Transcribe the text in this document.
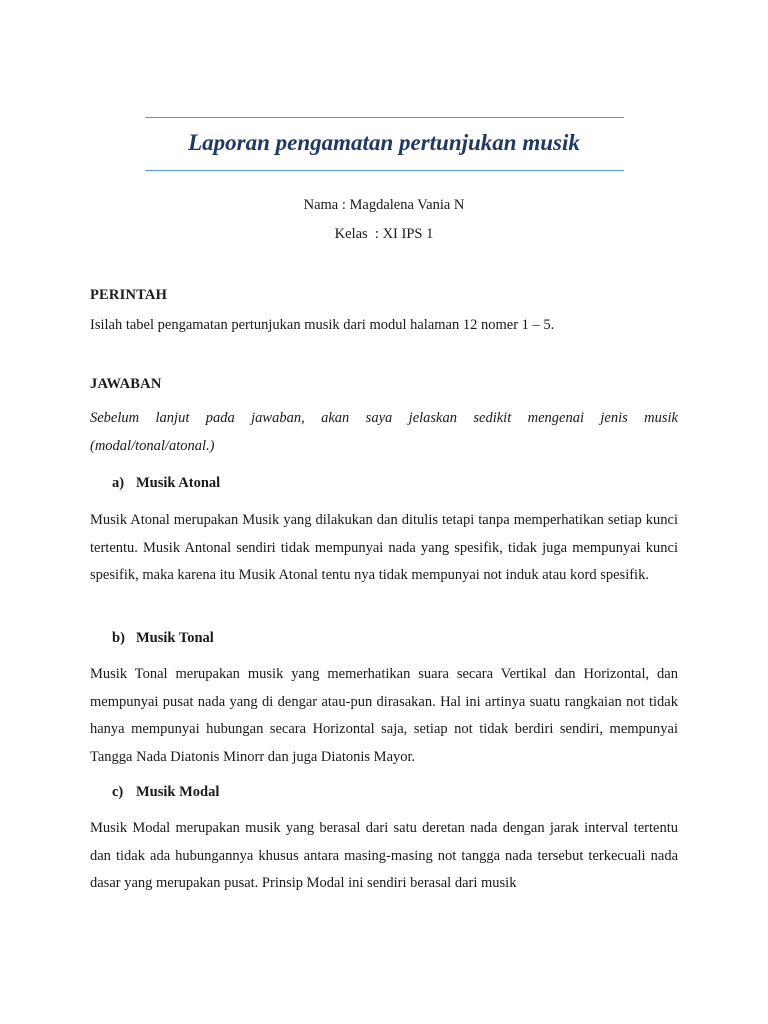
Laporan pengamatan pertunjukan musik
Nama : Magdalena Vania N
Kelas  : XI IPS 1
PERINTAH
Isilah tabel pengamatan pertunjukan musik dari modul halaman 12 nomer 1 – 5.
JAWABAN
Sebelum lanjut pada jawaban, akan saya jelaskan sedikit mengenai jenis musik (modal/tonal/atonal.)
a) Musik Atonal
Musik Atonal merupakan Musik yang dilakukan dan ditulis tetapi tanpa memperhatikan setiap kunci tertentu. Musik Antonal sendiri tidak mempunyai nada yang spesifik, tidak juga mempunyai kunci spesifik, maka karena itu Musik Atonal tentu nya tidak mempunyai not induk atau kord spesifik.
b) Musik Tonal
Musik Tonal merupakan musik yang memerhatikan suara secara Vertikal dan Horizontal, dan mempunyai pusat nada yang di dengar atau-pun dirasakan. Hal ini artinya suatu rangkaian not tidak hanya mempunyai hubungan secara Horizontal saja, setiap not tidak berdiri sendiri, mempunyai Tangga Nada Diatonis Minorr dan juga Diatonis Mayor.
c) Musik Modal
Musik Modal merupakan musik yang berasal dari satu deretan nada dengan jarak interval tertentu dan tidak ada hubungannya khusus antara masing-masing not tangga nada tersebut terkecuali nada dasar yang merupakan pusat. Prinsip Modal ini sendiri berasal dari musik
